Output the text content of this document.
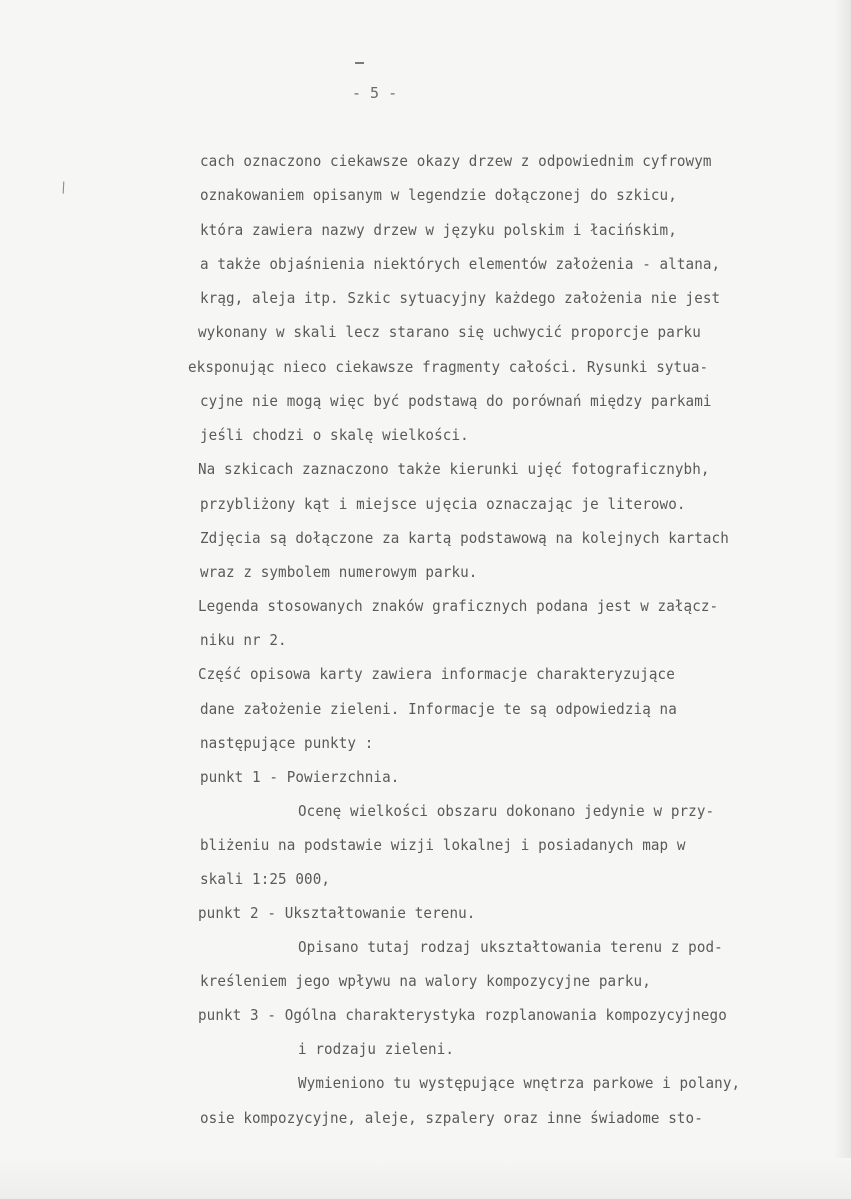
- 5 -
\
cach oznaczono ciekawsze okazy drzew z odpowiednim cyfrowym
oznakowaniem opisanym w legendzie dołączonej do szkicu,
która zawiera nazwy drzew w języku polskim i łacińskim,
a także objaśnienia niektórych elementów założenia - altana,
krąg, aleja itp. Szkic sytuacyjny każdego założenia nie jest
wykonany w skali lecz starano się uchwycić proporcje parku
eksponując nieco ciekawsze fragmenty całości. Rysunki sytua-
cyjne nie mogą więc być podstawą do porównań między parkami
jeśli chodzi o skalę wielkości.
Na szkicach zaznaczono także kierunki ujęć fotograficznybh,
przybliżony kąt i miejsce ujęcia oznaczając je literowo.
Zdjęcia są dołączone za kartą podstawową na kolejnych kartach
wraz z symbolem numerowym parku.
Legenda stosowanych znaków graficznych podana jest w załącz-
niku nr 2.
Część opisowa karty zawiera informacje charakteryzujące
dane założenie zieleni. Informacje te są odpowiedzią na
następujące punkty :
punkt 1 - Powierzchnia.
Ocenę wielkości obszaru dokonano jedynie w przy-
bliżeniu na podstawie wizji lokalnej i posiadanych map w
skali 1:25 000,
punkt 2 - Ukształtowanie terenu.
Opisano tutaj rodzaj ukształtowania terenu z pod-
kreśleniem jego wpływu na walory kompozycyjne parku,
punkt 3 - Ogólna charakterystyka rozplanowania kompozycyjnego
i rodzaju zieleni.
Wymieniono tu występujące wnętrza parkowe i polany,
osie kompozycyjne, aleje, szpalery oraz inne świadome sto-
